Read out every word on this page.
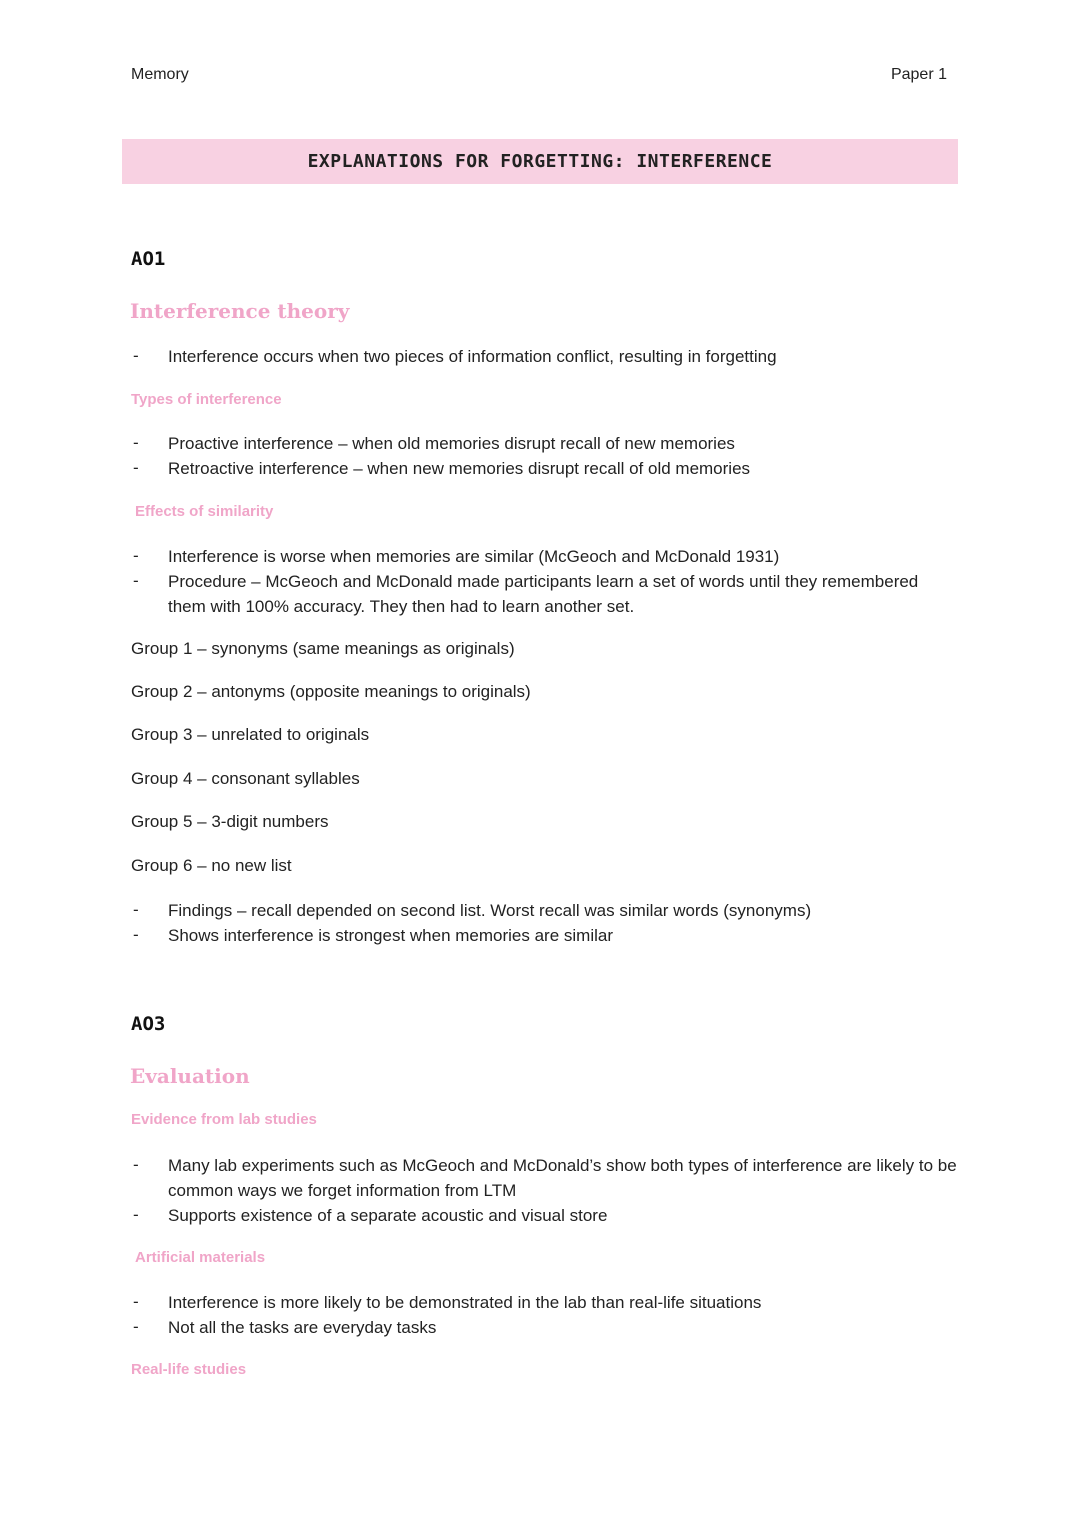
Memory	Paper 1
EXPLANATIONS FOR FORGETTING: INTERFERENCE
AO1
Interference theory
- Interference occurs when two pieces of information conflict, resulting in forgetting
Types of interference
- Proactive interference – when old memories disrupt recall of new memories
- Retroactive interference – when new memories disrupt recall of old memories
Effects of similarity
- Interference is worse when memories are similar (McGeoch and McDonald 1931)
- Procedure – McGeoch and McDonald made participants learn a set of words until they remembered them with 100% accuracy. They then had to learn another set.
Group 1 – synonyms (same meanings as originals)
Group 2 – antonyms (opposite meanings to originals)
Group 3 – unrelated to originals
Group 4 – consonant syllables
Group 5 – 3-digit numbers
Group 6 – no new list
- Findings – recall depended on second list. Worst recall was similar words (synonyms)
- Shows interference is strongest when memories are similar
AO3
Evaluation
Evidence from lab studies
- Many lab experiments such as McGeoch and McDonald’s show both types of interference are likely to be common ways we forget information from LTM
- Supports existence of a separate acoustic and visual store
Artificial materials
- Interference is more likely to be demonstrated in the lab than real-life situations
- Not all the tasks are everyday tasks
Real-life studies
